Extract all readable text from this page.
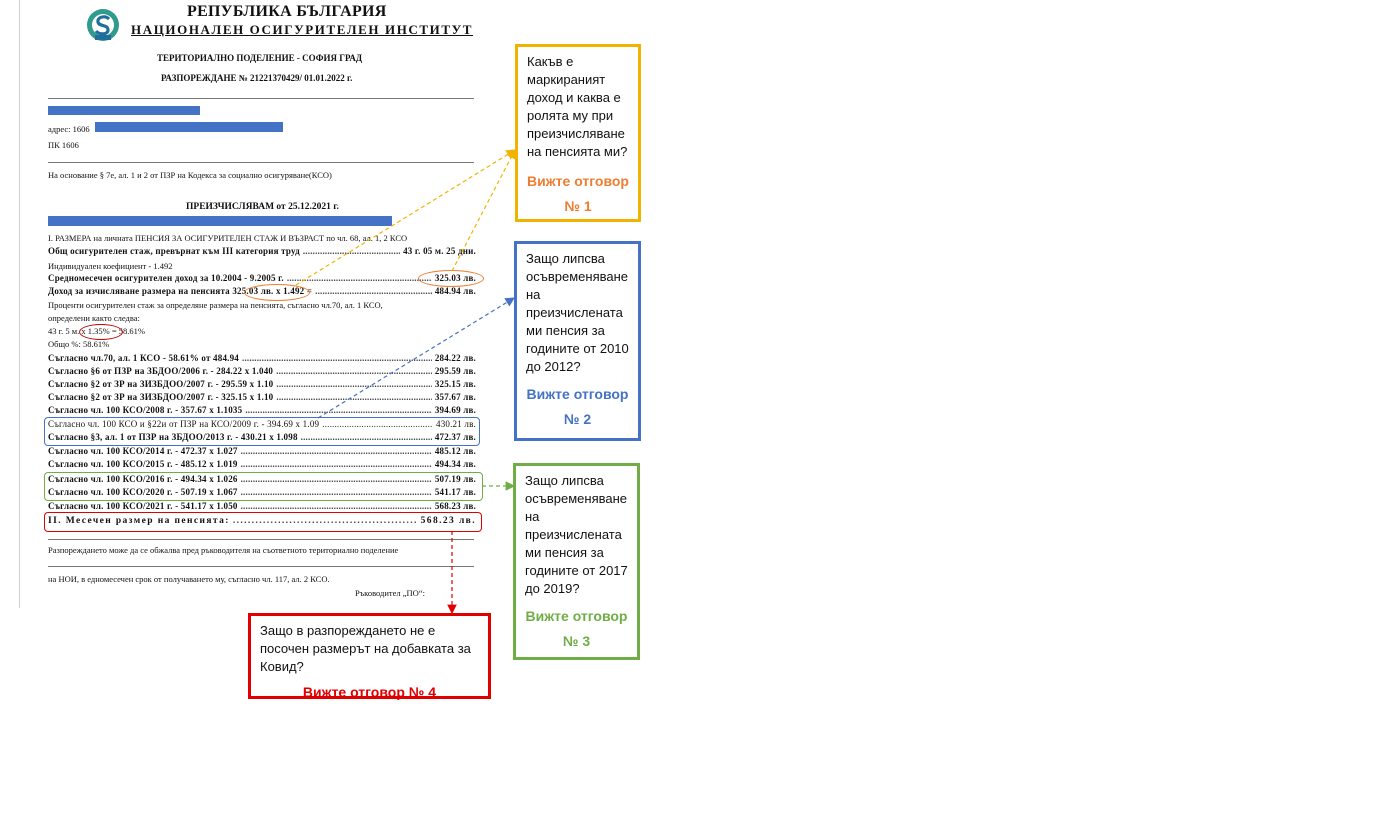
РЕПУБЛИКА БЪЛГАРИЯ
НАЦИОНАЛЕН ОСИГУРИТЕЛЕН ИНСТИТУТ
ТЕРИТОРИАЛНО ПОДЕЛЕНИЕ - СОФИЯ ГРАД
РАЗПОРЕЖДАНЕ № 21221370429/ 01.01.2022 г.
адрес: 1606
ПК 1606
На основание § 7е, ал. 1 и 2 от ПЗР на Кодекса за социално осигуряване(КСО)
ПРЕИЗЧИСЛЯВАМ от 25.12.2021 г.
I. РАЗМЕРА на личната ПЕНСИЯ ЗА ОСИГУРИТЕЛЕН СТАЖ И ВЪЗРАСТ по чл. 68, ал. 1, 2 КСО
Общ осигурителен стаж, превърнат към III категория труд .....	43 г. 05 м. 25 дни.
Индивидуален коефициент - 1.492
Средномесечен осигурителен доход за 10.2004 - 9.2005 г. .....	325.03 лв.
Доход за изчисляване размера на пенсията 325.03 лв. x 1.492 = .....	484.94 лв.
Проценти осигурителен стаж за определяне размера на пенсията, съгласно чл.70, ал. 1 КСО,
определени както следва:
43 г. 5 м. x 1.35% = 58.61%
Общо %: 58.61%
Съгласно чл.70, ал. 1 КСО - 58.61% от 484.94 .....	284.22 лв.
Съгласно §6 от ПЗР на ЗБДОО/2006 г. - 284.22 x 1.040 .....	295.59 лв.
Съгласно §2 от ЗР на ЗИЗБДОО/2007 г. - 295.59 x 1.10 .....	325.15 лв.
Съгласно §2 от ЗР на ЗИЗБДОО/2007 г. - 325.15 x 1.10 .....	357.67 лв.
Съгласно чл. 100 КСО/2008 г. - 357.67 x 1.1035 .....	394.69 лв.
Съгласно чл. 100 КСО и §22и от ПЗР на КСО/2009 г. - 394.69 x 1.09 .....	430.21 лв.
Съгласно §3, ал. 1 от ПЗР на ЗБДОО/2013 г. - 430.21 x 1.098 .....	472.37 лв.
Съгласно чл. 100 КСО/2014 г. - 472.37 x 1.027 .....	485.12 лв.
Съгласно чл. 100 КСО/2015 г. - 485.12 x 1.019 .....	494.34 лв.
Съгласно чл. 100 КСО/2016 г. - 494.34 x 1.026 .....	507.19 лв.
Съгласно чл. 100 КСО/2020 г. - 507.19 x 1.067 .....	541.17 лв.
Съгласно чл. 100 КСО/2021 г. - 541.17 x 1.050 .....	568.23 лв.
II. Месечен размер на пенсията: .....	568.23 лв.
Разпореждането може да се обжалва пред ръководителя на съответното териториално поделение
на НОИ, в едномесечен срок от получаването му, съгласно чл. 117, ал. 2 КСО.
Ръководител „ПО“:
Какъв е маркираният доход и каква е ролята му при преизчисляване на пенсията ми?
Вижте отговор № 1
Защо липсва осъвременяване на преизчислената ми пенсия за годините от 2010 до 2012?
Вижте отговор № 2
Защо липсва осъвременяване на преизчислената ми пенсия за годините от 2017 до 2019?
Вижте отговор № 3
Защо в разпореждането не е посочен размерът на добавката за Ковид?
Вижте отговор № 4
